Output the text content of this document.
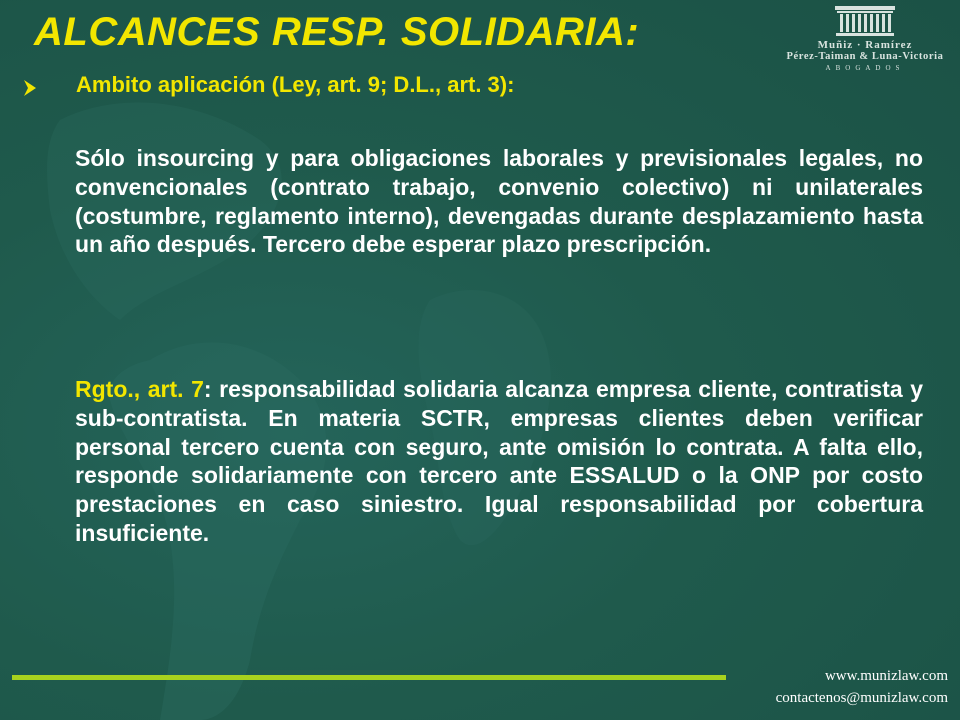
ALCANCES RESP. SOLIDARIA:	Muñiz · Ramírez
Pérez-Taiman & Luna-Victoria
ABOGADOS
Ambito aplicación (Ley, art. 9; D.L., art. 3):

Sólo insourcing y para obligaciones laborales y previsionales legales, no convencionales (contrato trabajo, convenio colectivo) ni unilaterales (costumbre, reglamento interno), devengadas durante desplazamiento hasta un año después. Tercero debe esperar plazo prescripción.

Rgto., art. 7: responsabilidad solidaria alcanza empresa cliente, contratista y sub-contratista. En materia SCTR, empresas clientes deben verificar personal tercero cuenta con seguro, ante omisión lo contrata. A falta ello, responde solidariamente con tercero ante ESSALUD o la ONP por costo prestaciones en caso siniestro. Igual responsabilidad por cobertura insuficiente.

www.munizlaw.com
contactenos@munizlaw.com
